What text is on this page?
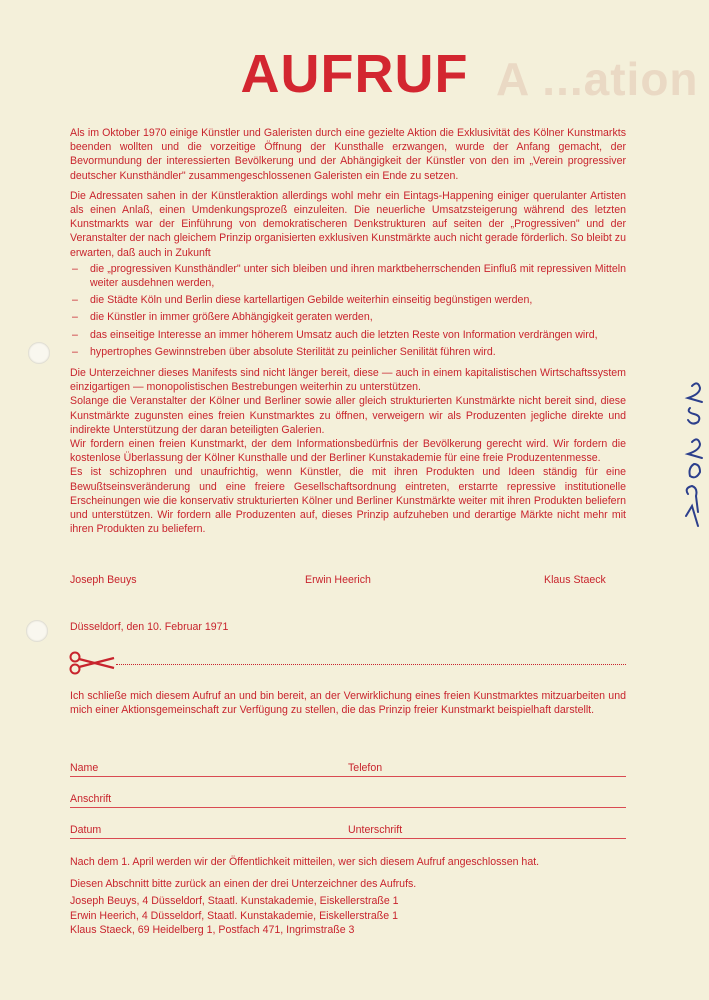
A ...ation
AUFRUF

Als im Oktober 1970 einige Künstler und Galeristen durch eine gezielte Aktion die Exklusivität des Kölner Kunstmarkts beenden wollten und die vorzeitige Öffnung der Kunsthalle erzwangen, wurde der Anfang gemacht, der Bevormundung der interessierten Bevölkerung und der Abhängigkeit der Künstler von den im „Verein progressiver deutscher Kunsthändler" zusammengeschlossenen Galeristen ein Ende zu setzen.

Die Adressaten sahen in der Künstleraktion allerdings wohl mehr ein Eintags-Happening einiger querulanter Artisten als einen Anlaß, einen Umdenkungsprozeß einzuleiten. Die neuerliche Umsatzsteigerung während des letzten Kunstmarkts war der Einführung von demokratischeren Denkstrukturen auf seiten der „Progressiven" und der Veranstalter der nach gleichem Prinzip organisierten exklusiven Kunstmärkte auch nicht gerade förderlich. So bleibt zu erwarten, daß auch in Zukunft

– die „progressiven Kunsthändler" unter sich bleiben und ihren marktbeherrschenden Einfluß mit repressiven Mitteln weiter ausdehnen werden,
– die Städte Köln und Berlin diese kartellartigen Gebilde weiterhin einseitig begünstigen werden,
– die Künstler in immer größere Abhängigkeit geraten werden,
– das einseitige Interesse an immer höherem Umsatz auch die letzten Reste von Information verdrängen wird,
– hypertrophes Gewinnstreben über absolute Sterilität zu peinlicher Senilität führen wird.

Die Unterzeichner dieses Manifests sind nicht länger bereit, diese — auch in einem kapitalistischen Wirtschaftssystem einzigartigen — monopolistischen Bestrebungen weiterhin zu unterstützen.

Solange die Veranstalter der Kölner und Berliner sowie aller gleich strukturierten Kunstmärkte nicht bereit sind, diese Kunstmärkte zugunsten eines freien Kunstmarktes zu öffnen, verweigern wir als Produzenten jegliche direkte und indirekte Unterstützung der daran beteiligten Galerien.

Wir fordern einen freien Kunstmarkt, der dem Informationsbedürfnis der Bevölkerung gerecht wird. Wir fordern die kostenlose Überlassung der Kölner Kunsthalle und der Berliner Kunstakademie für eine freie Produzentenmesse.

Es ist schizophren und unaufrichtig, wenn Künstler, die mit ihren Produkten und Ideen ständig für eine Bewußtseinsveränderung und eine freiere Gesellschaftsordnung eintreten, erstarrte repressive institutionelle Erscheinungen wie die konservativ strukturierten Kölner und Berliner Kunstmärkte weiter mit ihren Produkten beliefern und unterstützen. Wir fordern alle Produzenten auf, dieses Prinzip aufzuheben und derartige Märkte nicht mehr mit ihren Produkten zu beliefern.

Joseph Beuys	Erwin Heerich	Klaus Staeck
Düsseldorf, den 10. Februar 1971

Ich schließe mich diesem Aufruf an und bin bereit, an der Verwirklichung eines freien Kunstmarktes mitzuarbeiten und mich einer Aktionsgemeinschaft zur Verfügung zu stellen, die das Prinzip freier Kunstmarkt beispielhaft darstellt.

Name	Telefon
Anschrift
Datum	Unterschrift

Nach dem 1. April werden wir der Öffentlichkeit mitteilen, wer sich diesem Aufruf angeschlossen hat.

Diesen Abschnitt bitte zurück an einen der drei Unterzeichner des Aufrufs.

Joseph Beuys, 4 Düsseldorf, Staatl. Kunstakademie, Eiskellerstraße 1

Erwin Heerich, 4 Düsseldorf, Staatl. Kunstakademie, Eiskellerstraße 1

Klaus Staeck, 69 Heidelberg 1, Postfach 471, Ingrimstraße 3
